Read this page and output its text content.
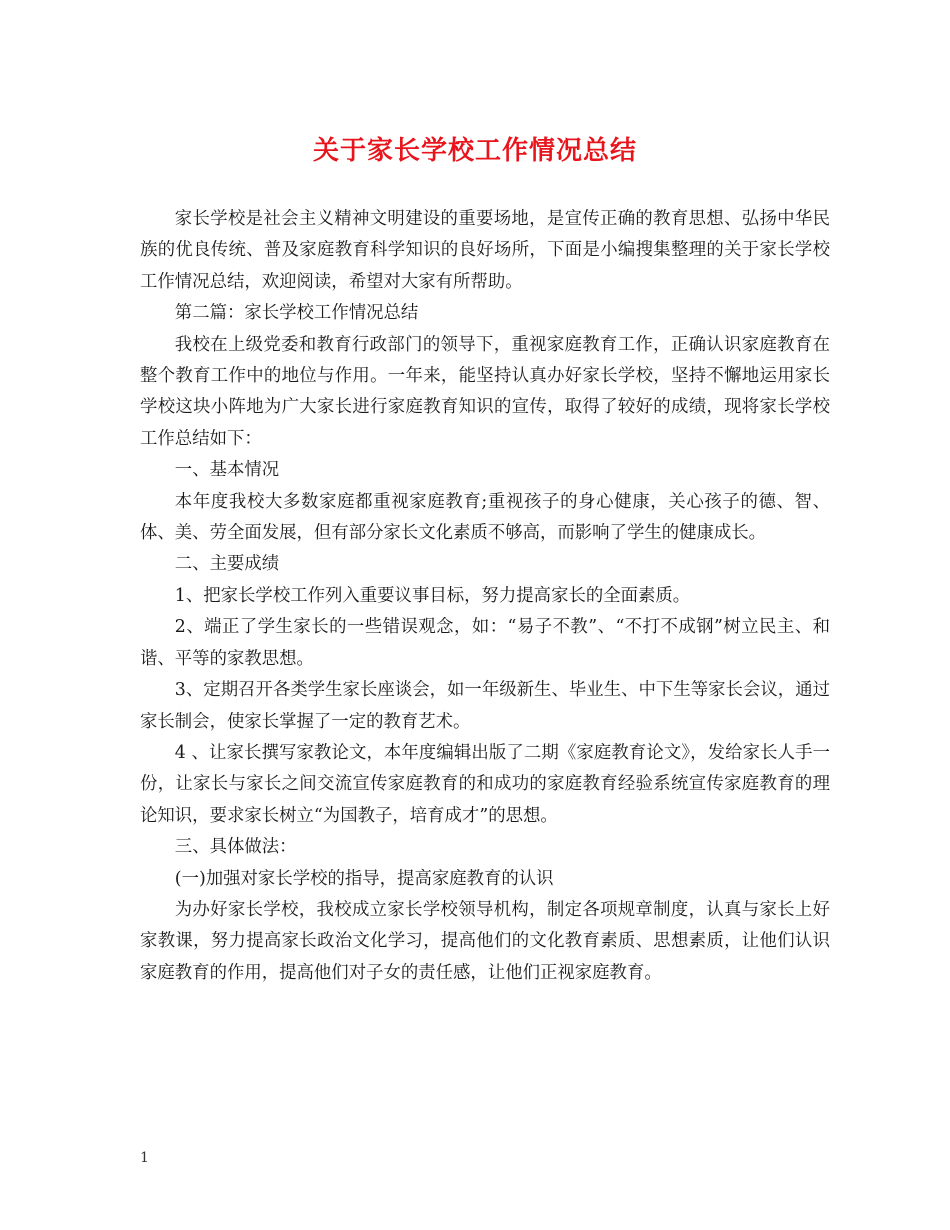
关于家长学校工作情况总结

家长学校是社会主义精神文明建设的重要场地，是宣传正确的教育思想、弘扬中华民族的优良传统、普及家庭教育科学知识的良好场所，下面是小编搜集整理的关于家长学校工作情况总结，欢迎阅读，希望对大家有所帮助。

第二篇：家长学校工作情况总结

我校在上级党委和教育行政部门的领导下，重视家庭教育工作，正确认识家庭教育在整个教育工作中的地位与作用。一年来，能坚持认真办好家长学校，坚持不懈地运用家长学校这块小阵地为广大家长进行家庭教育知识的宣传，取得了较好的成绩，现将家长学校工作总结如下：

一、基本情况

本年度我校大多数家庭都重视家庭教育;重视孩子的身心健康，关心孩子的德、智、体、美、劳全面发展，但有部分家长文化素质不够高，而影响了学生的健康成长。

二、主要成绩

1、把家长学校工作列入重要议事目标，努力提高家长的全面素质。

2、端正了学生家长的一些错误观念，如：“易子不教”、“不打不成钢”树立民主、和谐、平等的家教思想。

3、定期召开各类学生家长座谈会，如一年级新生、毕业生、中下生等家长会议，通过家长制会，使家长掌握了一定的教育艺术。

4 、让家长撰写家教论文，本年度编辑出版了二期《家庭教育论文》，发给家长人手一份，让家长与家长之间交流宣传家庭教育的和成功的家庭教育经验系统宣传家庭教育的理论知识，要求家长树立“为国教子，培育成才”的思想。

三、具体做法：

(一)加强对家长学校的指导，提高家庭教育的认识

为办好家长学校，我校成立家长学校领导机构，制定各项规章制度，认真与家长上好家教课，努力提高家长政治文化学习，提高他们的文化教育素质、思想素质，让他们认识家庭教育的作用，提高他们对子女的责任感，让他们正视家庭教育。

1
